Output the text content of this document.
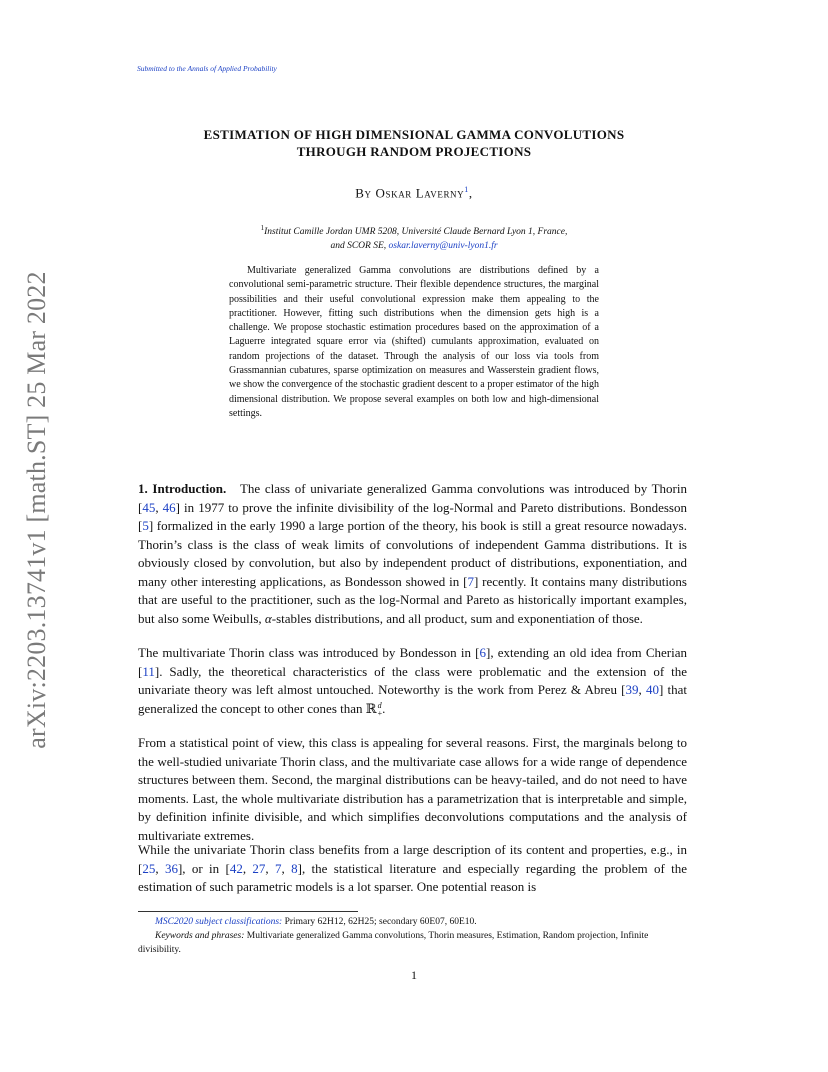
Submitted to the Annals of Applied Probability
arXiv:2203.13741v1 [math.ST] 25 Mar 2022
ESTIMATION OF HIGH DIMENSIONAL GAMMA CONVOLUTIONS
THROUGH RANDOM PROJECTIONS
By Oskar Laverny$^1$,
$^1$Institut Camille Jordan UMR 5208, Université Claude Bernard Lyon 1, France,
and SCOR SE, oskar.laverny@univ-lyon1.fr
Multivariate generalized Gamma convolutions are distributions defined by a convolutional semi-parametric structure. Their flexible dependence structures, the marginal possibilities and their useful convolutional expression make them appealing to the practitioner. However, fitting such distributions when the dimension gets high is a challenge. We propose stochastic estimation procedures based on the approximation of a Laguerre integrated square error via (shifted) cumulants approximation, evaluated on random projections of the dataset. Through the analysis of our loss via tools from Grassmannian cubatures, sparse optimization on measures and Wasserstein gradient flows, we show the convergence of the stochastic gradient descent to a proper estimator of the high dimensional distribution. We propose several examples on both low and high-dimensional settings.
1. Introduction. The class of univariate generalized Gamma convolutions was introduced by Thorin [45, 46] in 1977 to prove the infinite divisibility of the log-Normal and Pareto distributions. Bondesson [5] formalized in the early 1990 a large portion of the theory, his book is still a great resource nowadays. Thorin’s class is the class of weak limits of convolutions of independent Gamma distributions. It is obviously closed by convolution, but also by independent product of distributions, exponentiation, and many other interesting applications, as Bondesson showed in [7] recently. It contains many distributions that are useful to the practitioner, such as the log-Normal and Pareto as historically important examples, but also some Weibulls, α-stables distributions, and all product, sum and exponentiation of those.
The multivariate Thorin class was introduced by Bondesson in [6], extending an old idea from Cherian [11]. Sadly, the theoretical characteristics of the class were problematic and the extension of the univariate theory was left almost untouched. Noteworthy is the work from Perez & Abreu [39, 40] that generalized the concept to other cones than ℝ d
+ .
From a statistical point of view, this class is appealing for several reasons. First, the marginals belong to the well-studied univariate Thorin class, and the multivariate case allows for a wide range of dependence structures between them. Second, the marginal distributions can be heavy-tailed, and do not need to have moments. Last, the whole multivariate distribution has a parametrization that is interpretable and simple, by definition infinite divisible, and which simplifies deconvolutions computations and the analysis of multivariate extremes.
While the univariate Thorin class benefits from a large description of its content and properties, e.g., in [25, 36], or in [42, 27, 7, 8], the statistical literature and especially regarding the problem of the estimation of such parametric models is a lot sparser. One potential reason is
MSC2020 subject classifications: Primary 62H12, 62H25; secondary 60E07, 60E10.
Keywords and phrases: Multivariate generalized Gamma convolutions, Thorin measures, Estimation, Random projection, Infinite divisibility.
1
